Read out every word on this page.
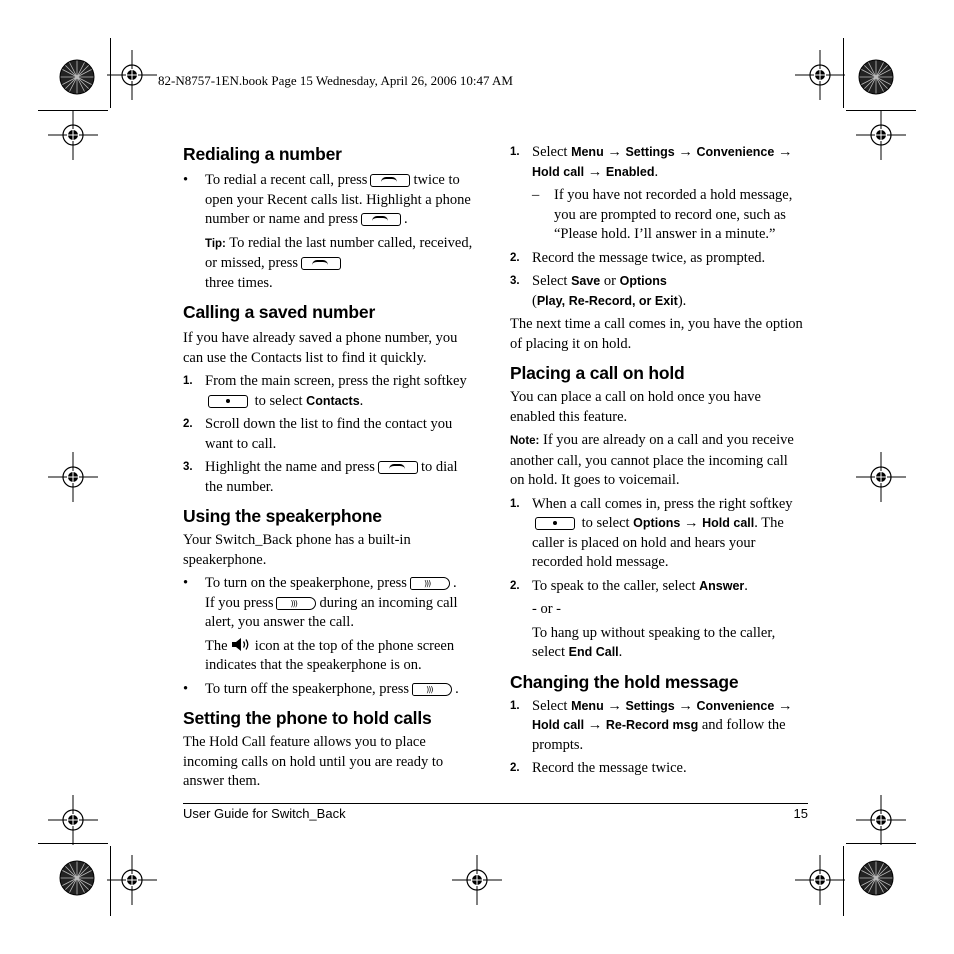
82-N8757-1EN.book Page 15 Wednesday, April 26, 2006 10:47 AM
Redialing a number
• To redial a recent call, press	twice to open your Recent calls list. Highlight a phone number or name and press	.
Tip: To redial the last number called, received, or missed, press
three times.
Calling a saved number

If you have already saved a phone number, you
can use the Contacts list to find it quickly.

1. From the main screen, press the right softkey
to select Contacts.
2. Scroll down the list to find the contact you
want to call.
3. Highlight the name and press	to dial
the number.
Using the speakerphone

Your Switch_Back phone has a built-in
speakerphone.

• To turn on the speakerphone, press )))	.
If you press )))	during an incoming call
alert, you answer the call.
The icon at the top of the phone screen
indicates that the speakerphone is on.
• To turn off the speakerphone, press )))	.
Setting the phone to hold calls

The Hold Call feature allows you to place
incoming calls on hold until you are ready to
answer them.

1. Select Menu → Settings → Convenience →
Hold call → Enabled.
– If you have not recorded a hold message,
you are prompted to record one, such as
“Please hold. I’ll answer in a minute.”
2. Record the message twice, as prompted.
3. Select Save or Options
(Play, Re-Record, or Exit).

The next time a call comes in, you have the option
of placing it on hold.

Placing a call on hold

You can place a call on hold once you have
enabled this feature.

Note: If you are already on a call and you receive
another call, you cannot place the incoming call
on hold. It goes to voicemail.

1. When a call comes in, press the right softkey
to select Options → Hold call. The
caller is placed on hold and hears your
recorded hold message.
2. To speak to the caller, select Answer.
- or -
To hang up without speaking to the caller,
select End Call.
Changing the hold message
1. Select Menu → Settings → Convenience →
Hold call → Re-Record msg and follow the
prompts.
2. Record the message twice.
User Guide for Switch_Back	15
